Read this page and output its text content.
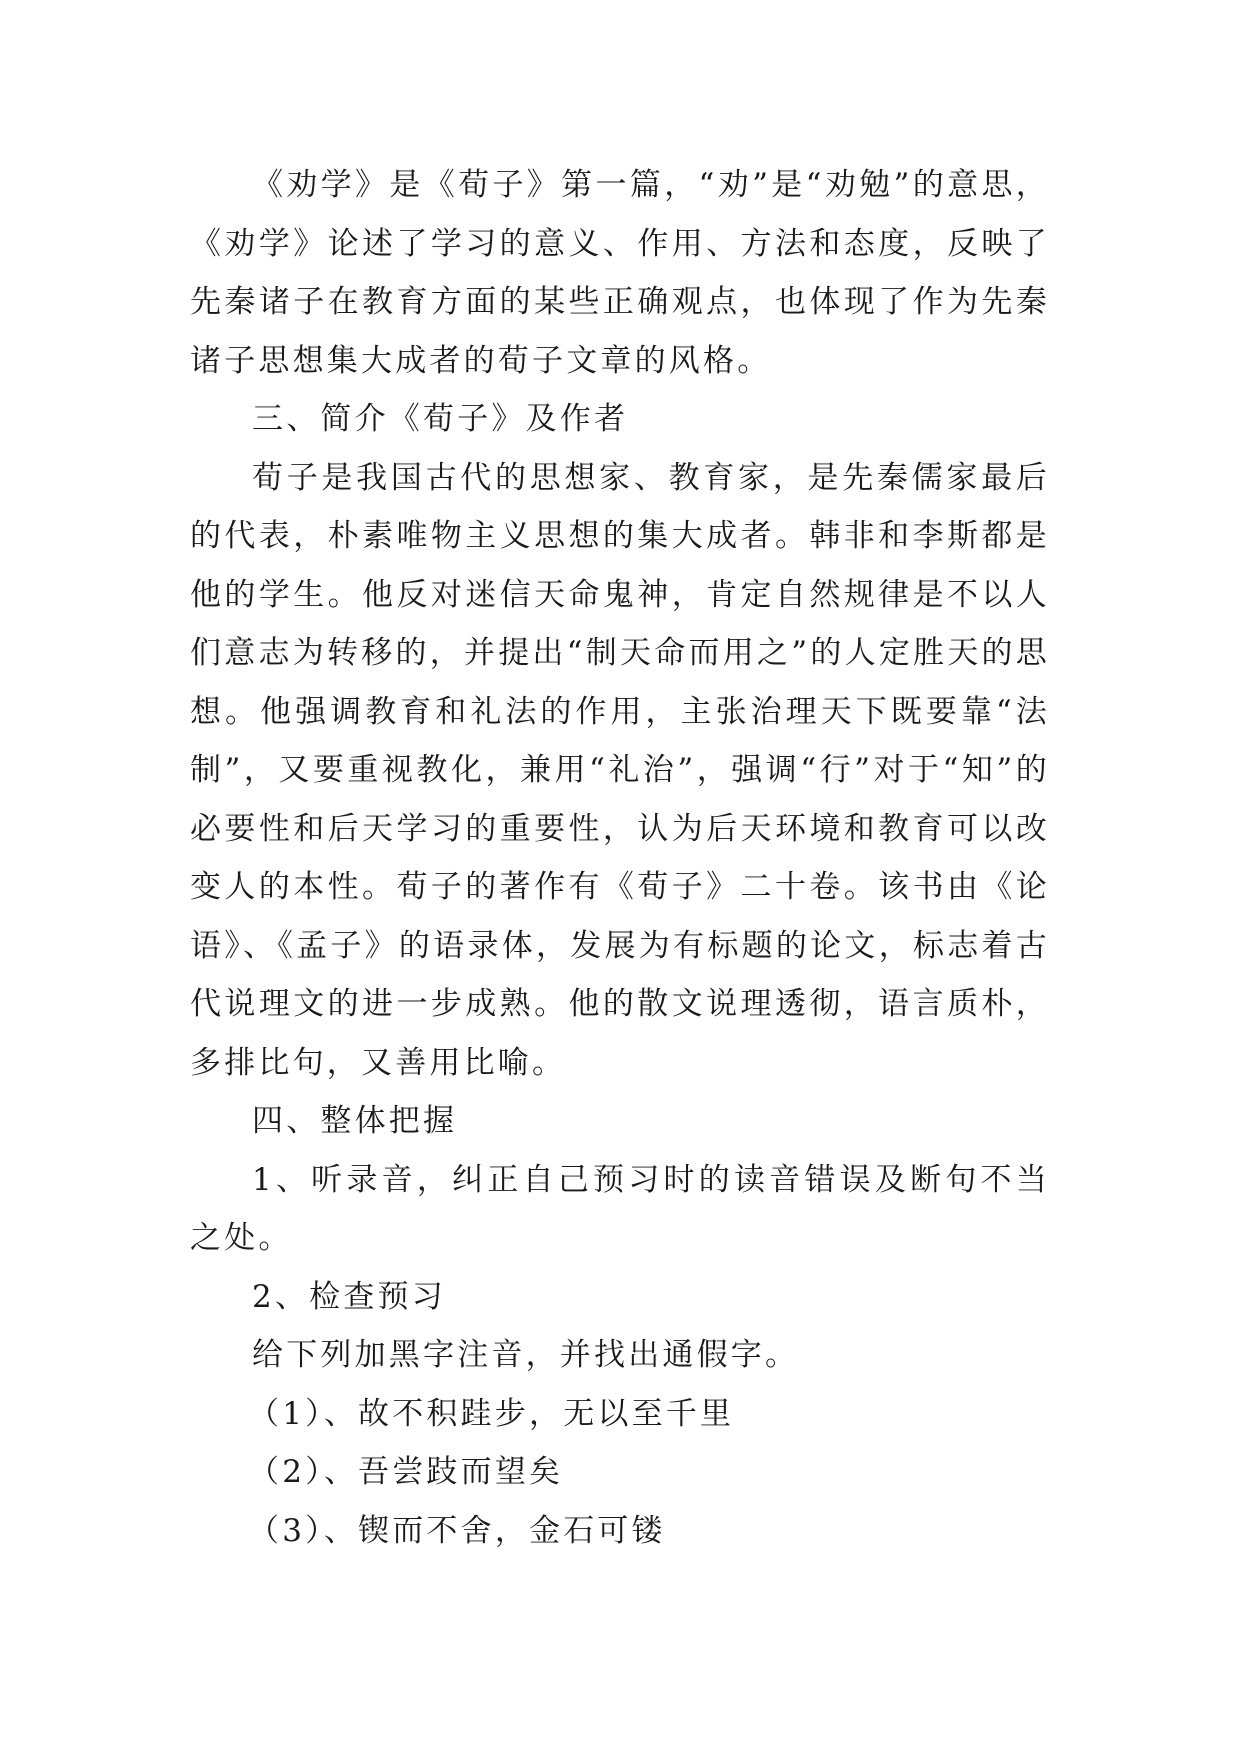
《劝学》是《荀子》第一篇，“劝”是“劝勉”的意思，《劝学》论述了学习的意义、作用、方法和态度，反映了先秦诸子在教育方面的某些正确观点，也体现了作为先秦诸子思想集大成者的荀子文章的风格。

三、简介《荀子》及作者

荀子是我国古代的思想家、教育家，是先秦儒家最后的代表，朴素唯物主义思想的集大成者。韩非和李斯都是他的学生。他反对迷信天命鬼神，肯定自然规律是不以人们意志为转移的，并提出“制天命而用之”的人定胜天的思想。他强调教育和礼法的作用，主张治理天下既要靠“法制”，又要重视教化，兼用“礼治”，强调“行”对于“知”的必要性和后天学习的重要性，认为后天环境和教育可以改变人的本性。荀子的著作有《荀子》二十卷。该书由《论语》、《孟子》的语录体，发展为有标题的论文，标志着古代说理文的进一步成熟。他的散文说理透彻，语言质朴，多排比句，又善用比喻。

四、整体把握

1、听录音，纠正自己预习时的读音错误及断句不当之处。

2、检查预习

给下列加黑字注音，并找出通假字。

（1）、故不积跬步，无以至千里

（2）、吾尝跂而望矣

（3）、锲而不舍，金石可镂
